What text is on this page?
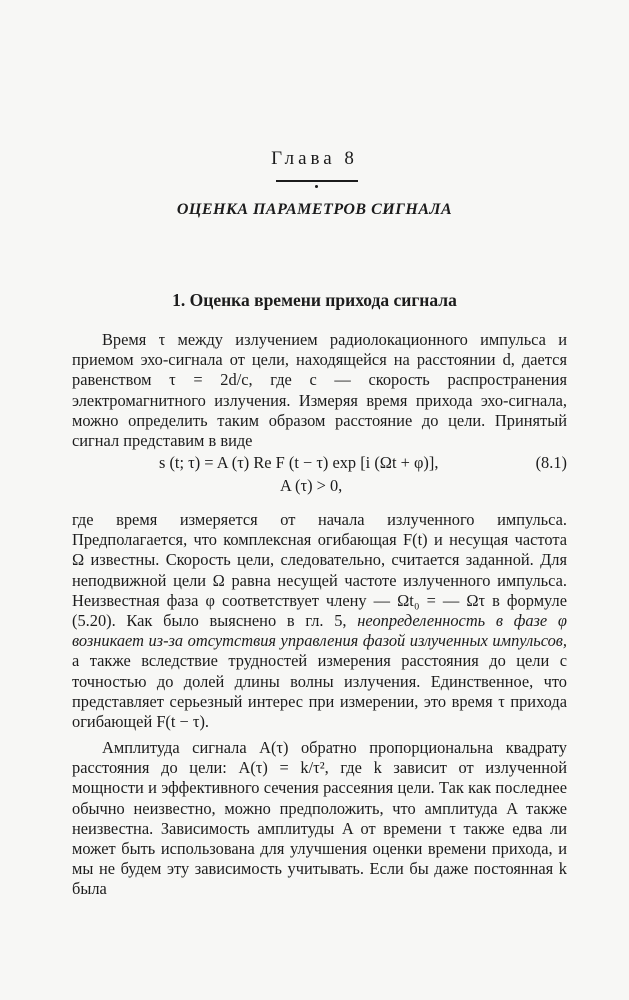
Глава 8
ОЦЕНКА ПАРАМЕТРОВ СИГНАЛА
1. Оценка времени прихода сигнала

Время τ между излучением радиолокационного импульса и приемом эхо-сигнала от цели, находящейся на расстоянии d, дается равенством τ = 2d/c, где c — скорость распространения электромагнитного излучения. Измеряя время прихода эхо-сигнала, можно определить таким образом расстояние до цели. Принятый сигнал представим в виде

s (t; τ) = A (τ) Re F (t − τ) exp [i (Ωt + φ)],	(8.1)
A (τ) > 0,

где время измеряется от начала излученного импульса. Предполагается, что комплексная огибающая F(t) и несущая частота Ω известны. Скорость цели, следовательно, считается заданной. Для неподвижной цели Ω равна несущей частоте излученного импульса. Неизвестная фаза φ соответствует члену — Ωt₀ = — Ωτ в формуле (5.20). Как было выяснено в гл. 5, неопределенность в фазе φ возникает из-за отсутствия управления фазой излученных импульсов, а также вследствие трудностей измерения расстояния до цели с точностью до долей длины волны излучения. Единственное, что представляет серьезный интерес при измерении, это время τ прихода огибающей F(t − τ).

Амплитуда сигнала A(τ) обратно пропорциональна квадрату расстояния до цели: A(τ) = k/τ², где k зависит от излученной мощности и эффективного сечения рассеяния цели. Так как последнее обычно неизвестно, можно предположить, что амплитуда A также неизвестна. Зависимость амплитуды A от времени τ также едва ли может быть использована для улучшения оценки времени прихода, и мы не будем эту зависимость учитывать. Если бы даже постоянная k была
